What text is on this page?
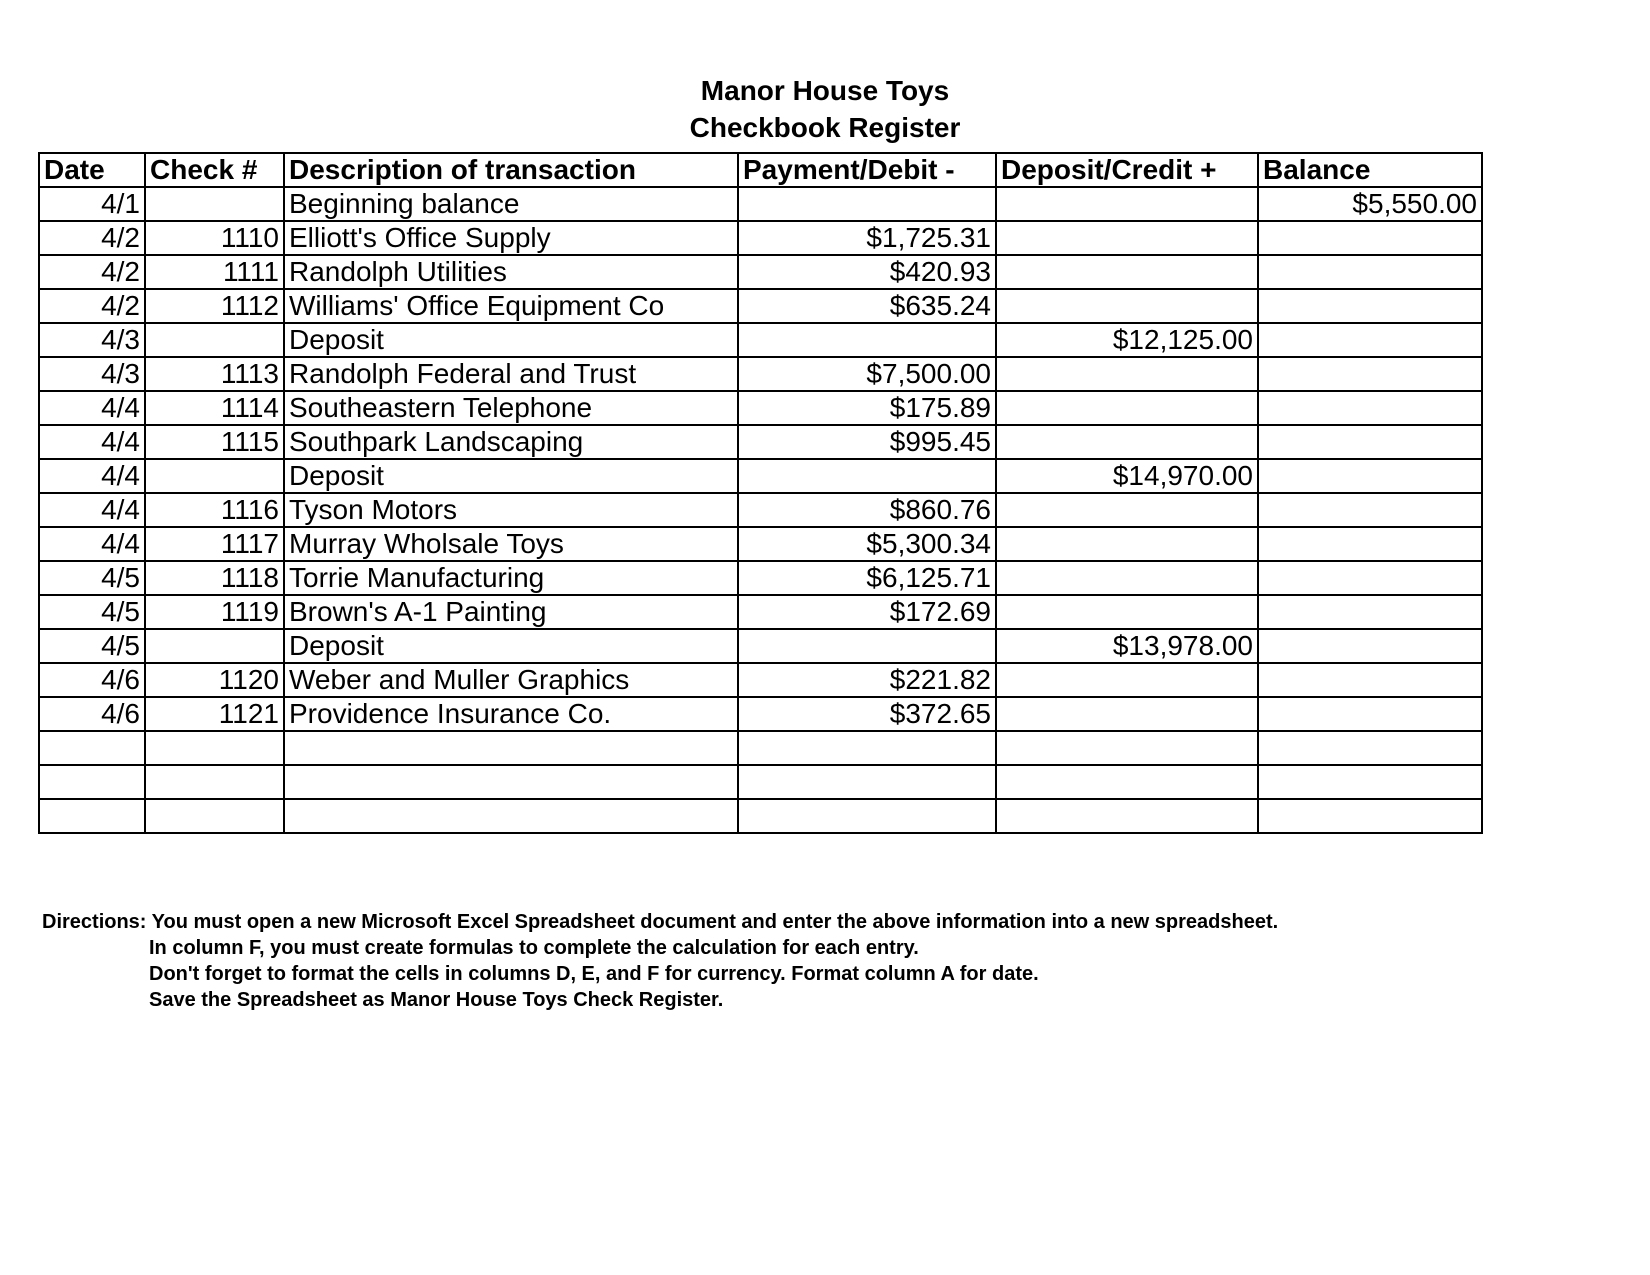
Manor House Toys
Checkbook Register
Date	Check #	Description of transaction	Payment/Debit -	Deposit/Credit +	Balance
4/1		Beginning balance			$5,550.00
4/2	1110	Elliott's Office Supply	$1,725.31		
4/2	1111	Randolph Utilities	$420.93		
4/2	1112	Williams' Office Equipment Co	$635.24		
4/3		Deposit		$12,125.00	
4/3	1113	Randolph Federal and Trust	$7,500.00		
4/4	1114	Southeastern Telephone	$175.89		
4/4	1115	Southpark Landscaping	$995.45		
4/4		Deposit		$14,970.00	
4/4	1116	Tyson Motors	$860.76		
4/4	1117	Murray Wholsale Toys	$5,300.34		
4/5	1118	Torrie Manufacturing	$6,125.71		
4/5	1119	Brown's A-1 Painting	$172.69		
4/5		Deposit		$13,978.00	
4/6	1120	Weber and Muller Graphics	$221.82		
4/6	1121	Providence Insurance Co.	$372.65		

Directions: You must open a new Microsoft Excel Spreadsheet document and enter the above information into a new spreadsheet.
In column F, you must create formulas to complete the calculation for each entry.
Don't forget to format the cells in columns D, E, and F for currency. Format column A for date.
Save the Spreadsheet as Manor House Toys Check Register.
